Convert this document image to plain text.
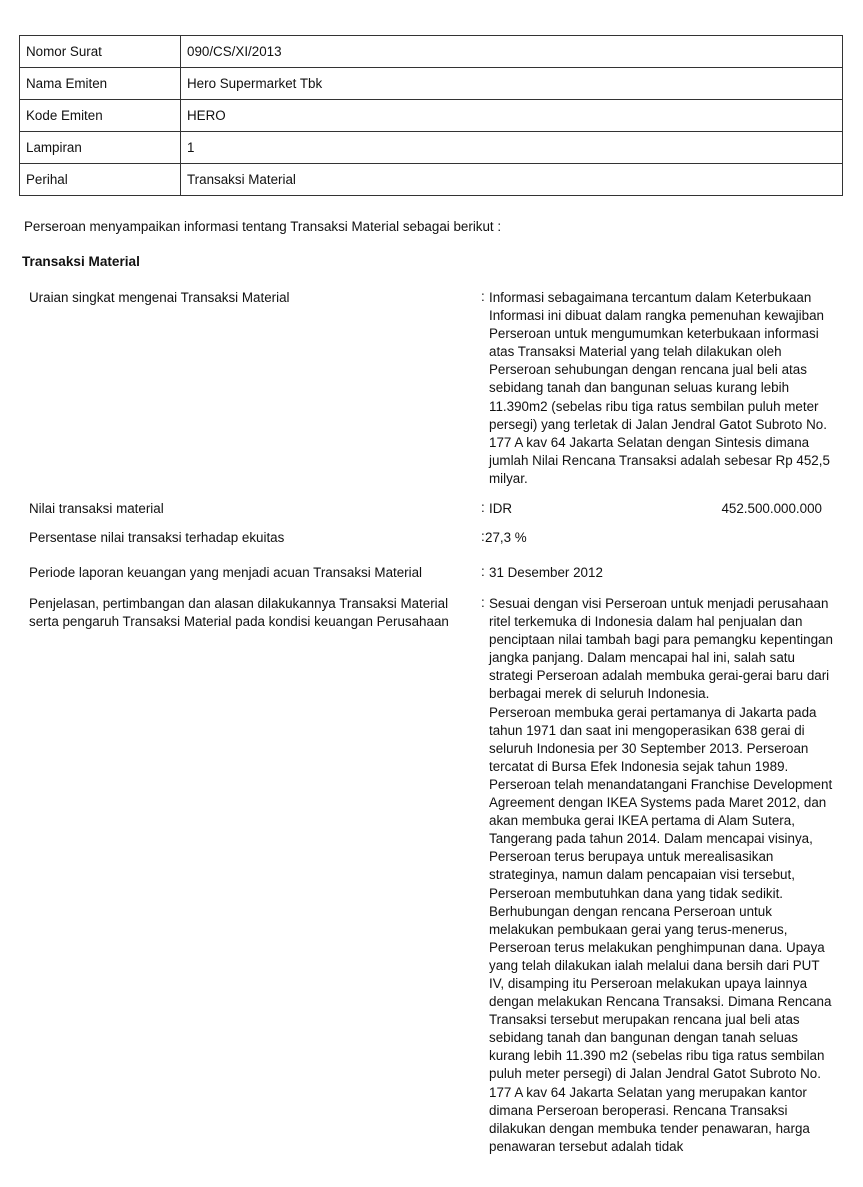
Nomor Surat	090/CS/XI/2013
Nama Emiten	Hero Supermarket Tbk
Kode Emiten	HERO
Lampiran	1
Perihal	Transaksi Material
Perseroan menyampaikan informasi tentang Transaksi Material sebagai berikut :
Transaksi Material
Uraian singkat mengenai Transaksi Material	: Informasi sebagaimana tercantum dalam Keterbukaan Informasi ini dibuat dalam rangka pemenuhan kewajiban Perseroan untuk mengumumkan keterbukaan informasi atas Transaksi Material yang telah dilakukan oleh Perseroan sehubungan dengan rencana jual beli atas sebidang tanah dan bangunan seluas kurang lebih 11.390m2 (sebelas ribu tiga ratus sembilan puluh meter persegi) yang terletak di Jalan Jendral Gatot Subroto No. 177 A kav 64 Jakarta Selatan dengan Sintesis dimana jumlah Nilai Rencana Transaksi adalah sebesar Rp 452,5 milyar.
Nilai transaksi material	: IDR	452.500.000.000
Persentase nilai transaksi terhadap ekuitas	: 27,3 %
Periode laporan keuangan yang menjadi acuan Transaksi Material	: 31 Desember 2012
Penjelasan, pertimbangan dan alasan dilakukannya Transaksi Material serta pengaruh Transaksi Material pada kondisi keuangan Perusahaan
: Sesuai dengan visi Perseroan untuk menjadi perusahaan ritel terkemuka di Indonesia dalam hal penjualan dan penciptaan nilai tambah bagi para pemangku kepentingan jangka panjang. Dalam mencapai hal ini, salah satu strategi Perseroan adalah membuka gerai-gerai baru dari berbagai merek di seluruh Indonesia.

Perseroan membuka gerai pertamanya di Jakarta pada tahun 1971 dan saat ini mengoperasikan 638 gerai di seluruh Indonesia per 30 September 2013. Perseroan tercatat di Bursa Efek Indonesia sejak tahun 1989. Perseroan telah menandatangani Franchise Development Agreement dengan IKEA Systems pada Maret 2012, dan akan membuka gerai IKEA pertama di Alam Sutera, Tangerang pada tahun 2014. Dalam mencapai visinya, Perseroan terus berupaya untuk merealisasikan strateginya, namun dalam pencapaian visi tersebut, Perseroan membutuhkan dana yang tidak sedikit. Berhubungan dengan rencana Perseroan untuk melakukan pembukaan gerai yang terus-menerus, Perseroan terus melakukan penghimpunan dana. Upaya yang telah dilakukan ialah melalui dana bersih dari PUT IV, disamping itu Perseroan melakukan upaya lainnya dengan melakukan Rencana Transaksi. Dimana Rencana Transaksi tersebut merupakan rencana jual beli atas sebidang tanah dan bangunan dengan tanah seluas kurang lebih 11.390 m2 (sebelas ribu tiga ratus sembilan puluh meter persegi) di Jalan Jendral Gatot Subroto No. 177 A kav 64 Jakarta Selatan yang merupakan kantor dimana Perseroan beroperasi. Rencana Transaksi dilakukan dengan membuka tender penawaran, harga penawaran tersebut adalah tidak
